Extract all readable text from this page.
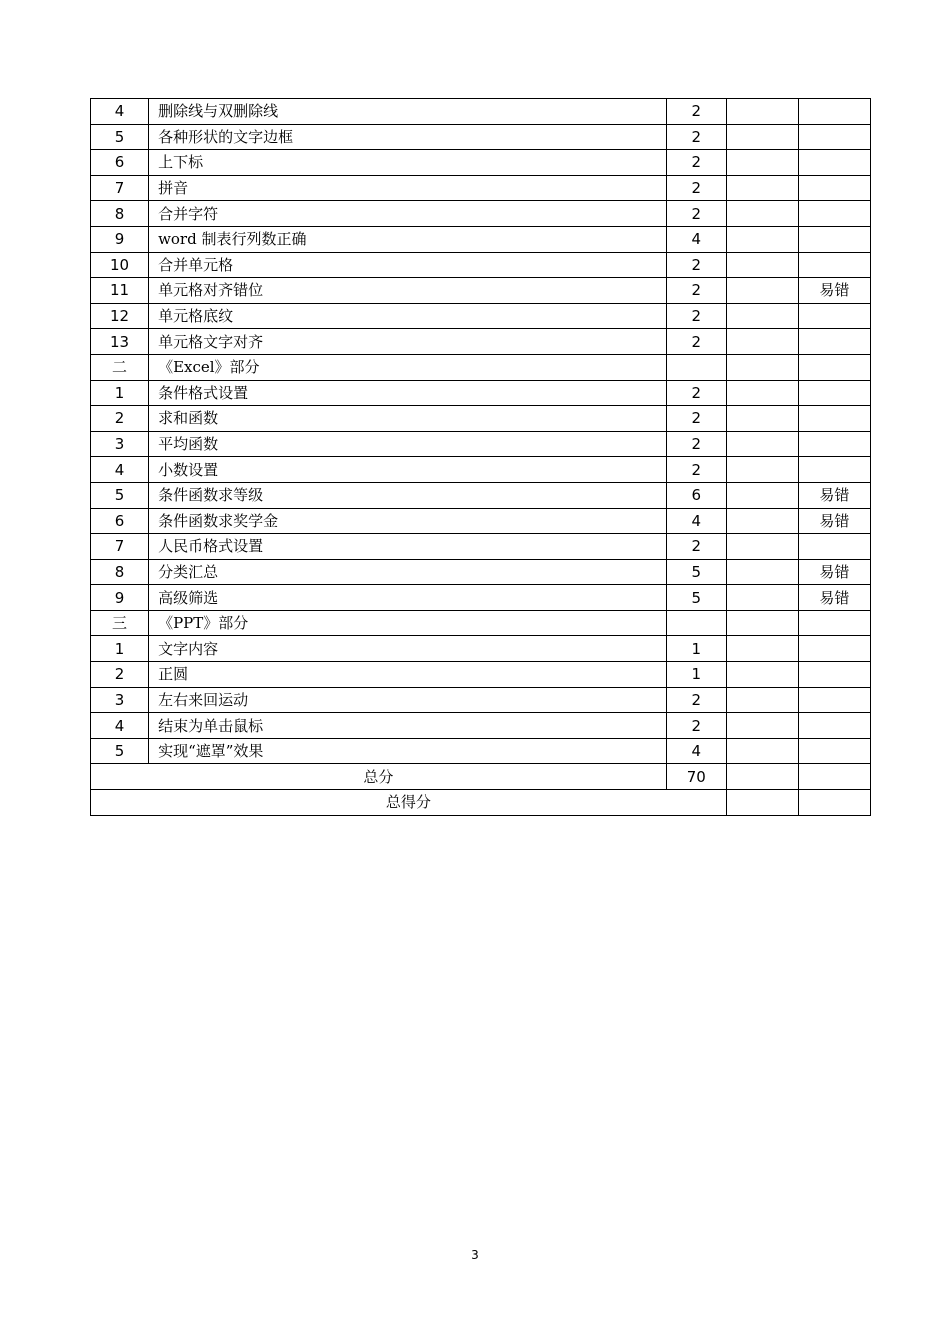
4	删除线与双删除线	2		
5	各种形状的文字边框	2		
6	上下标	2		
7	拼音	2		
8	合并字符	2		
9	word 制表行列数正确	4		
10	合并单元格	2		
11	单元格对齐错位	2		易错
12	单元格底纹	2		
13	单元格文字对齐	2		
二	《Excel》部分			
1	条件格式设置	2		
2	求和函数	2		
3	平均函数	2		
4	小数设置	2		
5	条件函数求等级	6		易错
6	条件函数求奖学金	4		易错
7	人民币格式设置	2		
8	分类汇总	5		易错
9	高级筛选	5		易错
三	《PPT》部分			
1	文字内容	1		
2	正圆	1		
3	左右来回运动	2		
4	结束为单击鼠标	2		
5	实现“遮罩”效果	4		
总分		70		
总得分				
3
